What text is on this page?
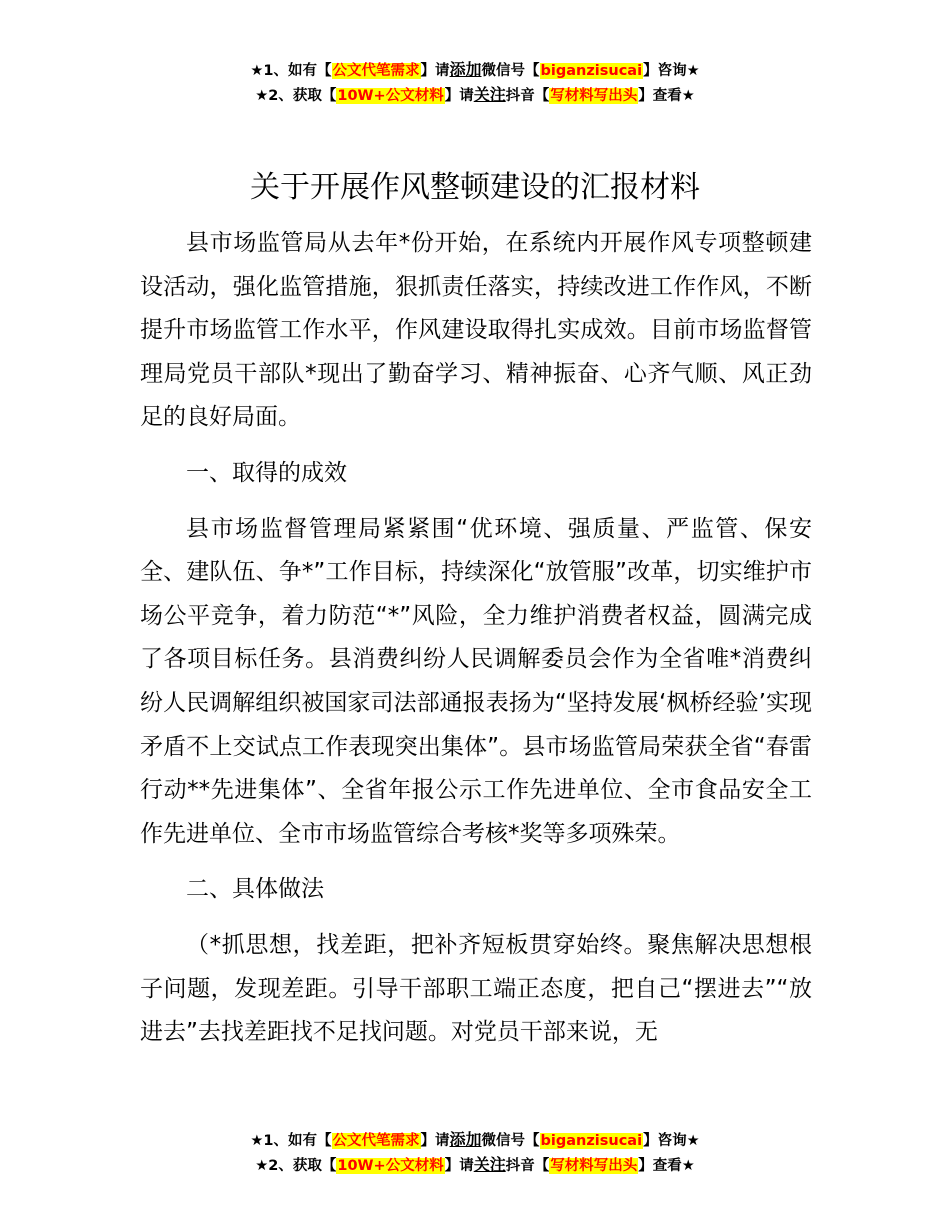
★1、如有【公文代笔需求】请添加微信号【biganzisucai】咨询★
★2、获取【10W+公文材料】请关注抖音【写材料写出头】查看★
关于开展作风整顿建设的汇报材料

县市场监管局从去年*份开始，在系统内开展作风专项整顿建设活动，强化监管措施，狠抓责任落实，持续改进工作作风，不断提升市场监管工作水平，作风建设取得扎实成效。目前市场监督管理局党员干部队*现出了勤奋学习、精神振奋、心齐气顺、风正劲足的良好局面。

一、取得的成效

县市场监督管理局紧紧围“优环境、强质量、严监管、保安全、建队伍、争*”工作目标，持续深化“放管服”改革，切实维护市场公平竞争，着力防范“*”风险，全力维护消费者权益，圆满完成了各项目标任务。县消费纠纷人民调解委员会作为全省唯*消费纠纷人民调解组织被国家司法部通报表扬为“坚持发展‘枫桥经验’实现矛盾不上交试点工作表现突出集体”。县市场监管局荣获全省“春雷行动**先进集体”、全省年报公示工作先进单位、全市食品安全工作先进单位、全市市场监管综合考核*奖等多项殊荣。

二、具体做法

（*抓思想，找差距，把补齐短板贯穿始终。聚焦解决思想根子问题，发现差距。引导干部职工端正态度，把自己“摆进去”“放进去”去找差距找不足找问题。对党员干部来说，无

★1、如有【公文代笔需求】请添加微信号【biganzisucai】咨询★
★2、获取【10W+公文材料】请关注抖音【写材料写出头】查看★
